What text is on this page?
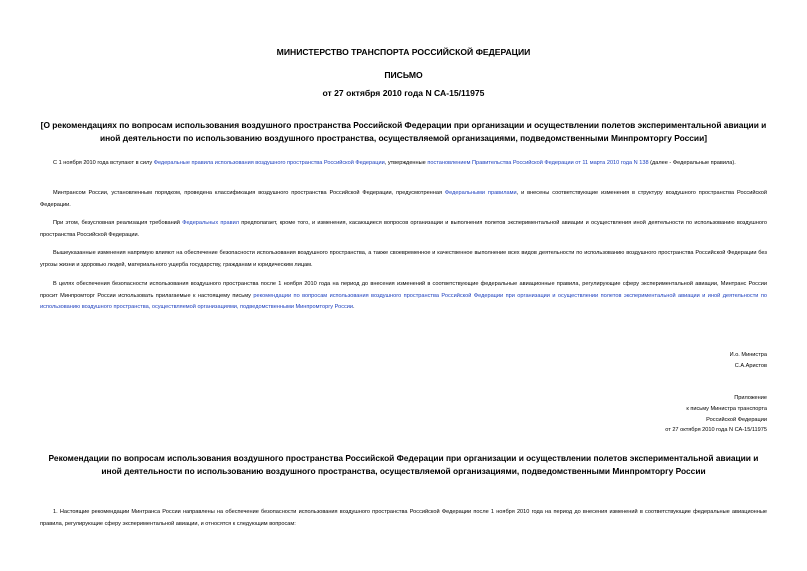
МИНИСТЕРСТВО ТРАНСПОРТА РОССИЙСКОЙ ФЕДЕРАЦИИ
ПИСЬМО
от 27 октября 2010 года N СА-15/11975
[О рекомендациях по вопросам использования воздушного пространства Российской Федерации при организации и осуществлении полетов экспериментальной авиации и иной деятельности по использованию воздушного пространства, осуществляемой организациями, подведомственными Минпромторгу России]
С 1 ноября 2010 года вступают в силу Федеральные правила использования воздушного пространства Российской Федерации, утвержденные постановлением Правительства Российской Федерации от 11 марта 2010 года N 138 (далее - Федеральные правила).
Минтрансом России, установленным порядком, проведена классификация воздушного пространства Российской Федерации, предусмотренная Федеральными правилами, и внесены соответствующие изменения в структуру воздушного пространства Российской Федерации.
При этом, безусловная реализация требований Федеральных правил предполагает, кроме того, и изменения, касающиеся вопросов организации и выполнения полетов экспериментальной авиации и осуществления иной деятельности по использованию воздушного пространства Российской Федерации.
Вышеуказанные изменения напрямую влияют на обеспечение безопасности использования воздушного пространства, а также своевременное и качественное выполнение всех видов деятельности по использованию воздушного пространства Российской Федерации без угрозы жизни и здоровью людей, материального ущерба государству, гражданам и юридическим лицам.
В целях обеспечения безопасности использования воздушного пространства после 1 ноября 2010 года на период до внесения изменений в соответствующие федеральные авиационные правила, регулирующие сферу экспериментальной авиации, Минтранс России просит Минпромторг России использовать прилагаемые к настоящему письму рекомендации по вопросам использования воздушного пространства Российской Федерации при организации и осуществлении полетов экспериментальной авиации и иной деятельности по использованию воздушного пространства, осуществляемой организациями, подведомственными Минпромторгу России.
И.о. Министра
С.А.Аристов
Приложение
к письму Министра транспорта
Российской Федерации
от 27 октября 2010 года N СА-15/11975
Рекомендации по вопросам использования воздушного пространства Российской Федерации при организации и осуществлении полетов экспериментальной авиации и иной деятельности по использованию воздушного пространства, осуществляемой организациями, подведомственными Минпромторгу России
1. Настоящие рекомендации Минтранса России направлены на обеспечение безопасности использования воздушного пространства Российской Федерации после 1 ноября 2010 года на период до внесения изменений в соответствующие федеральные авиационные правила, регулирующие сферу экспериментальной авиации, и относятся к следующим вопросам:
